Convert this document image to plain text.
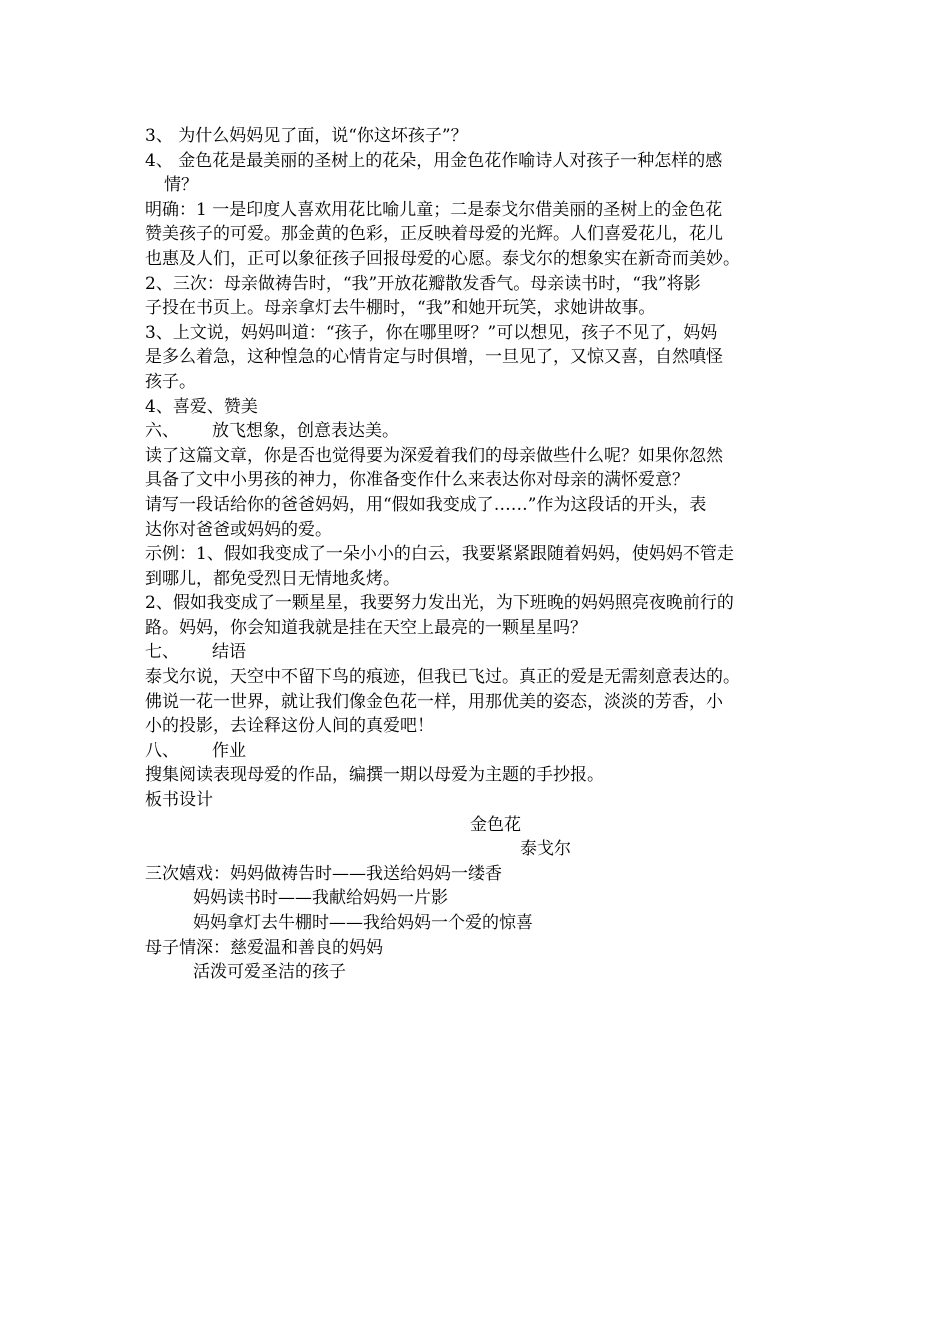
3、 为什么妈妈见了面，说“你这坏孩子”？
4、 金色花是最美丽的圣树上的花朵，用金色花作喻诗人对孩子一种怎样的感
情？
明确：1 一是印度人喜欢用花比喻儿童；二是泰戈尔借美丽的圣树上的金色花
赞美孩子的可爱。那金黄的色彩，正反映着母爱的光辉。人们喜爱花儿，花儿
也惠及人们，正可以象征孩子回报母爱的心愿。泰戈尔的想象实在新奇而美妙。
2、三次：母亲做祷告时，“我”开放花瓣散发香气。母亲读书时，“我”将影
子投在书页上。母亲拿灯去牛棚时，“我”和她开玩笑，求她讲故事。
3、上文说，妈妈叫道：“孩子，你在哪里呀？”可以想见，孩子不见了，妈妈
是多么着急，这种惶急的心情肯定与时俱增，一旦见了，又惊又喜，自然嗔怪
孩子。
4、喜爱、赞美
六、 放飞想象，创意表达美。
读了这篇文章，你是否也觉得要为深爱着我们的母亲做些什么呢？如果你忽然
具备了文中小男孩的神力，你准备变作什么来表达你对母亲的满怀爱意？
请写一段话给你的爸爸妈妈，用“假如我变成了……”作为这段话的开头，表
达你对爸爸或妈妈的爱。
示例：1、假如我变成了一朵小小的白云，我要紧紧跟随着妈妈，使妈妈不管走
到哪儿，都免受烈日无情地炙烤。
2、假如我变成了一颗星星，我要努力发出光，为下班晚的妈妈照亮夜晚前行的
路。妈妈，你会知道我就是挂在天空上最亮的一颗星星吗？
七、 结语
泰戈尔说，天空中不留下鸟的痕迹，但我已飞过。真正的爱是无需刻意表达的。
佛说一花一世界，就让我们像金色花一样，用那优美的姿态，淡淡的芳香，小
小的投影，去诠释这份人间的真爱吧！
八、 作业
搜集阅读表现母爱的作品，编撰一期以母爱为主题的手抄报。
板书设计
金色花
泰戈尔
三次嬉戏：妈妈做祷告时——我送给妈妈一缕香
妈妈读书时——我献给妈妈一片影
妈妈拿灯去牛棚时——我给妈妈一个爱的惊喜
母子情深：慈爱温和善良的妈妈
活泼可爱圣洁的孩子
